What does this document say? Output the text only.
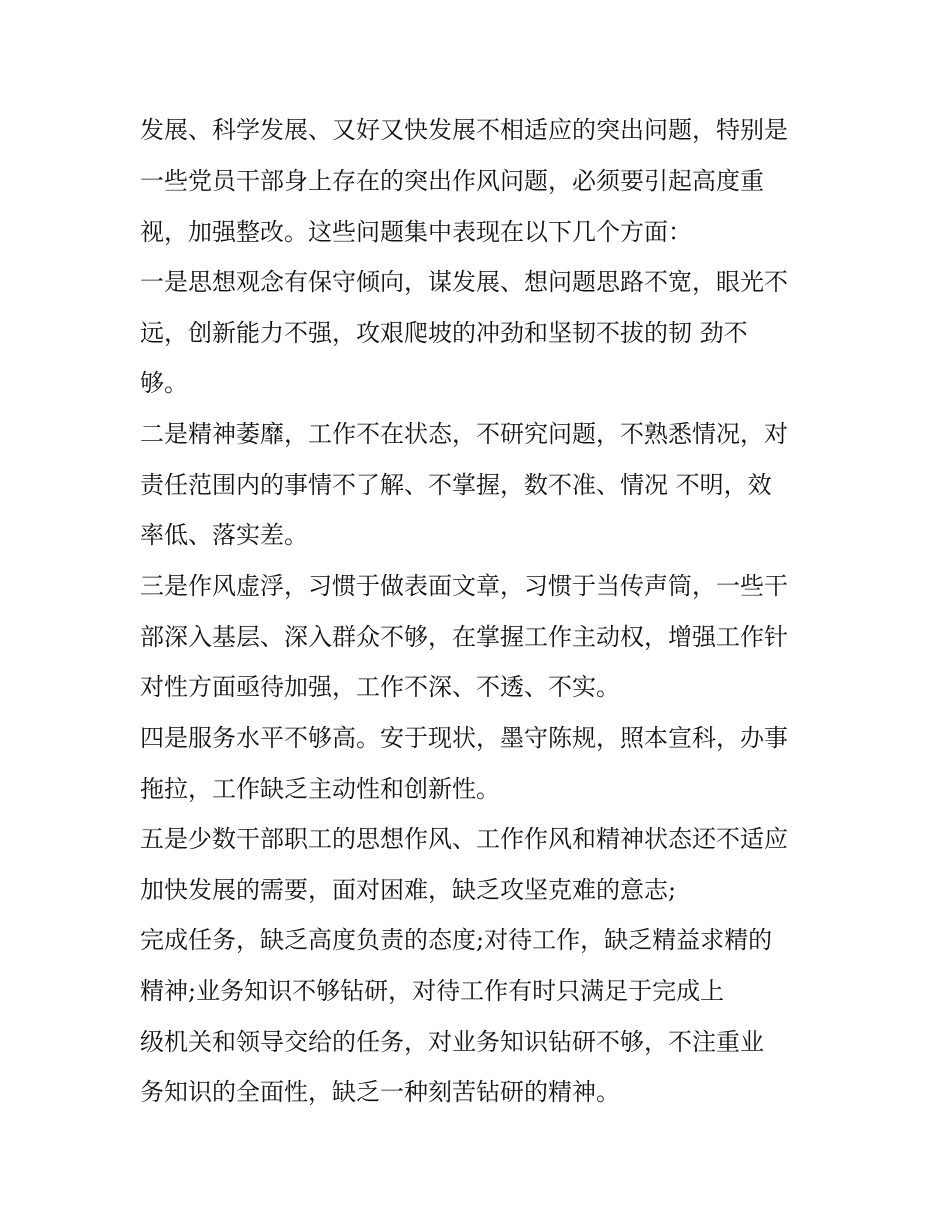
发展、科学发展、又好又快发展不相适应的突出问题，特别是
一些党员干部身上存在的突出作风问题，必须要引起高度重
视，加强整改。这些问题集中表现在以下几个方面：
一是思想观念有保守倾向，谋发展、想问题思路不宽，眼光不
远，创新能力不强，攻艰爬坡的冲劲和坚韧不拔的韧 劲不
够。
二是精神萎靡，工作不在状态，不研究问题，不熟悉情况，对
责任范围内的事情不了解、不掌握，数不准、情况 不明，效
率低、落实差。
三是作风虚浮，习惯于做表面文章，习惯于当传声筒，一些干
部深入基层、深入群众不够，在掌握工作主动权，增强工作针
对性方面亟待加强，工作不深、不透、不实。
四是服务水平不够高。安于现状，墨守陈规，照本宣科，办事
拖拉，工作缺乏主动性和创新性。
五是少数干部职工的思想作风、工作作风和精神状态还不适应
加快发展的需要，面对困难，缺乏攻坚克难的意志;
完成任务，缺乏高度负责的态度;对待工作，缺乏精益求精的
精神;业务知识不够钻研，对待工作有时只满足于完成上
级机关和领导交给的任务，对业务知识钻研不够，不注重业
务知识的全面性，缺乏一种刻苦钻研的精神。
